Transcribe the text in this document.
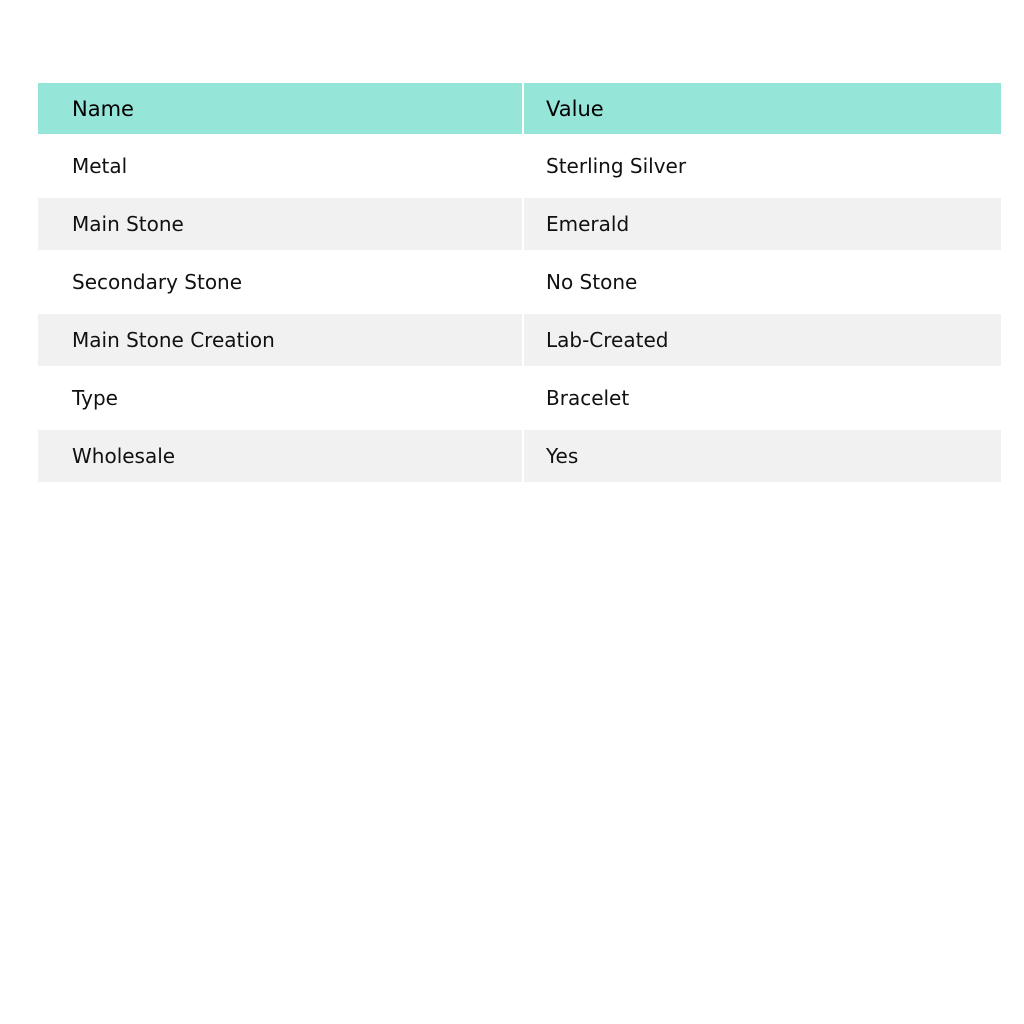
Name	Value
Metal	Sterling Silver
Main Stone	Emerald
Secondary Stone	No Stone
Main Stone Creation	Lab-Created
Type	Bracelet
Wholesale	Yes
